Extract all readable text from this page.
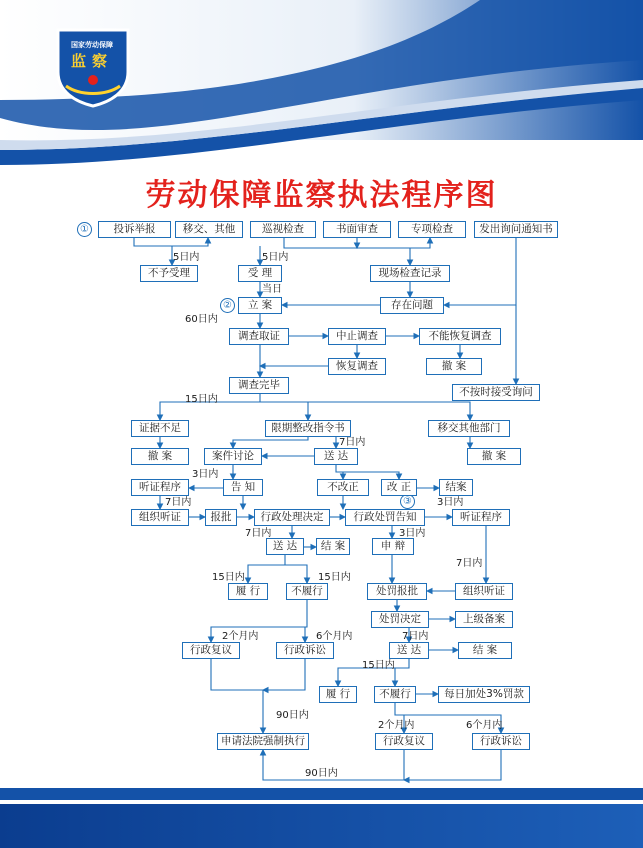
国家劳动保障
监察
劳动保障监察执法程序图
①
②
③
投诉举报	移交、其他	巡视检查	书面审查	专项检查	发出询问通知书
不予受理	受 理	现场检查记录
立 案	存在问题
调查取证	中止调查	不能恢复调查
恢复调查	撤 案
调查完毕
不按时接受询问
证据不足	限期整改指令书	移交其他部门
撤 案	撤 案
案件讨论	送 达
听证程序	告 知	不改正	改 正	结案
组织听证	报批	行政处理决定	行政处罚告知	听证程序
送 达	结 案	申 辩
履 行	不履行	处罚报批	组织听证
处罚决定	上级备案
行政复议	行政诉讼	送 达	结 案
履 行	不履行	每日加处3%罚款
行政复议	行政诉讼
申请法院强制执行
5日内	5日内
当日
60日内
15日内
7日内
3日内
7日内	3日内
7日内	3日内
7日内
15日内	15日内
2个月内	6个月内	7日内
15日内
90日内
2个月内	6个月内
90日内
